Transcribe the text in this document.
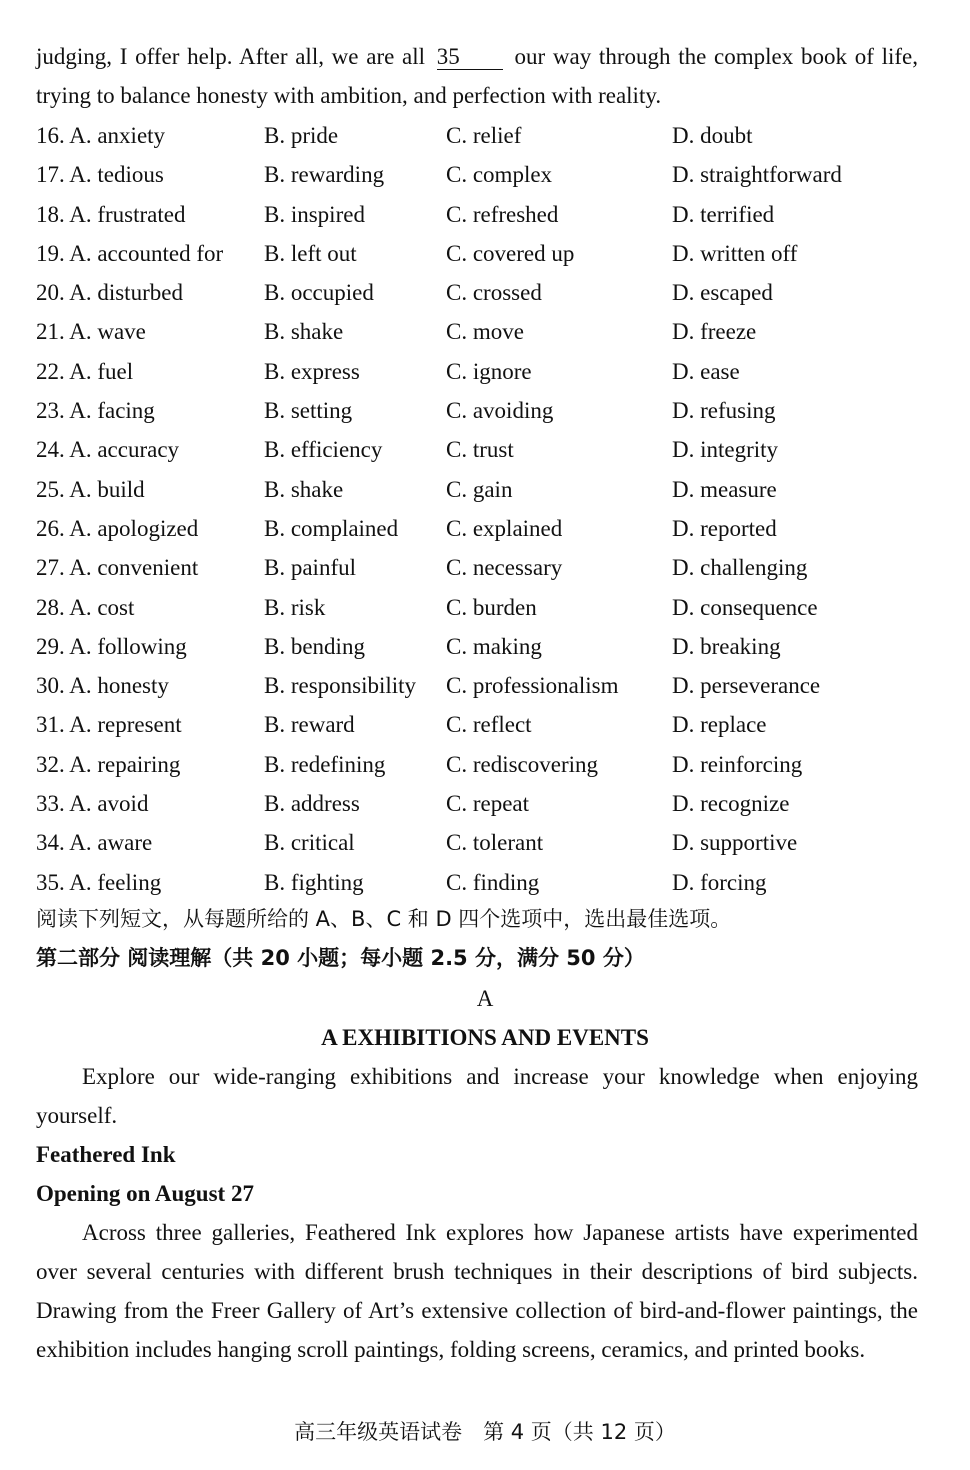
judging, I offer help. After all, we are all 35 our way through the complex book of life,
trying to balance honesty with ambition, and perfection with reality.
16. A. anxiety	B. pride	C. relief	D. doubt
17. A. tedious	B. rewarding	C. complex	D. straightforward
18. A. frustrated	B. inspired	C. refreshed	D. terrified
19. A. accounted for B. left out	C. covered up	D. written off
20. A. disturbed	B. occupied	C. crossed	D. escaped
21. A. wave	B. shake	C. move	D. freeze
22. A. fuel	B. express	C. ignore	D. ease
23. A. facing	B. setting	C. avoiding	D. refusing
24. A. accuracy	B. efficiency	C. trust	D. integrity
25. A. build	B. shake	C. gain	D. measure
26. A. apologized	B. complained C. explained	D. reported
27. A. convenient	B. painful	C. necessary	D. challenging
28. A. cost	B. risk	C. burden	D. consequence
29. A. following	B. bending	C. making	D. breaking
30. A. honesty	B. responsibility C. professionalism D. perseverance
31. A. represent	B. reward	C. reflect	D. replace
32. A. repairing	B. redefining	C. rediscovering	D. reinforcing
33. A. avoid	B. address	C. repeat	D. recognize
34. A. aware	B. critical	C. tolerant	D. supportive
35. A. feeling	B. fighting	C. finding	D. forcing
阅读下列短文，从每题所给的 A、B、C 和 D 四个选项中，选出最佳选项。
第二部分 阅读理解（共 20 小题；每小题 2.5 分，满分 50 分）
A
A EXHIBITIONS AND EVENTS
Explore our wide-ranging exhibitions and increase your knowledge when enjoying
yourself.
Feathered Ink
Opening on August 27
Across three galleries, Feathered Ink explores how Japanese artists have experimented
over several centuries with different brush techniques in their descriptions of bird subjects.
Drawing from the Freer Gallery of Art’s extensive collection of bird-and-flower paintings, the
exhibition includes hanging scroll paintings, folding screens, ceramics, and printed books.
高三年级英语试卷　第 4 页（共 12 页）
